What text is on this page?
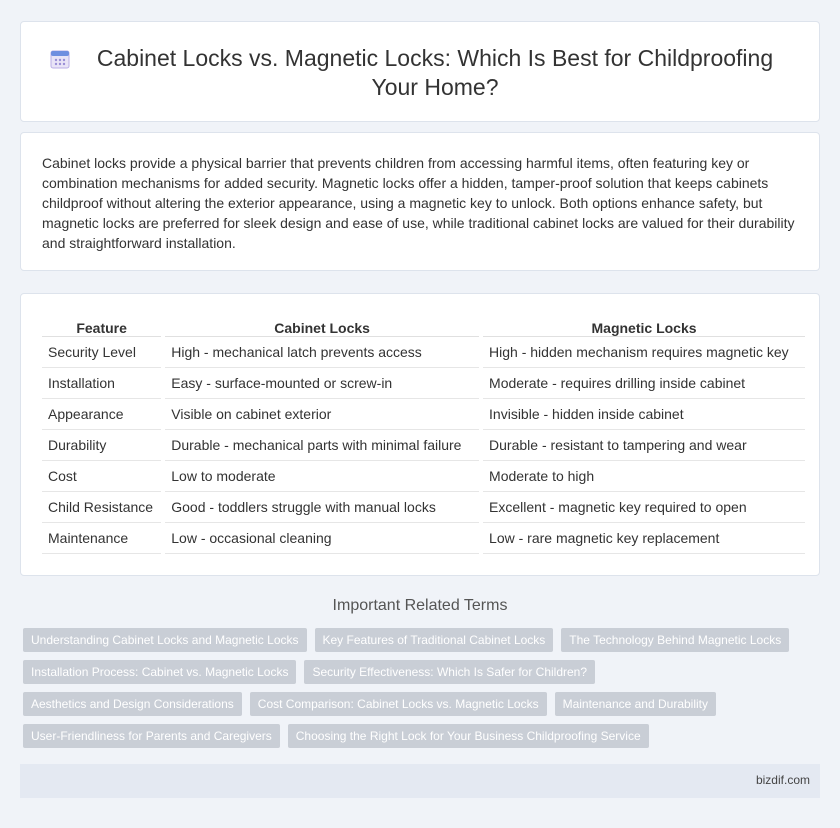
Cabinet Locks vs. Magnetic Locks: Which Is Best for Childproofing Your Home?

Cabinet locks provide a physical barrier that prevents children from accessing harmful items, often featuring key or combination mechanisms for added security. Magnetic locks offer a hidden, tamper-proof solution that keeps cabinets childproof without altering the exterior appearance, using a magnetic key to unlock. Both options enhance safety, but magnetic locks are preferred for sleek design and ease of use, while traditional cabinet locks are valued for their durability and straightforward installation.

Feature	Cabinet Locks	Magnetic Locks
Security Level	High - mechanical latch prevents access	High - hidden mechanism requires magnetic key
Installation	Easy - surface-mounted or screw-in	Moderate - requires drilling inside cabinet
Appearance	Visible on cabinet exterior	Invisible - hidden inside cabinet
Durability	Durable - mechanical parts with minimal failure	Durable - resistant to tampering and wear
Cost	Low to moderate	Moderate to high
Child Resistance	Good - toddlers struggle with manual locks	Excellent - magnetic key required to open
Maintenance	Low - occasional cleaning	Low - rare magnetic key replacement
Important Related Terms
Understanding Cabinet Locks and Magnetic Locks	Key Features of Traditional Cabinet Locks	The Technology Behind Magnetic Locks
Installation Process: Cabinet vs. Magnetic Locks	Security Effectiveness: Which Is Safer for Children?
Aesthetics and Design Considerations	Cost Comparison: Cabinet Locks vs. Magnetic Locks	Maintenance and Durability
User-Friendliness for Parents and Caregivers	Choosing the Right Lock for Your Business Childproofing Service
bizdif.com
